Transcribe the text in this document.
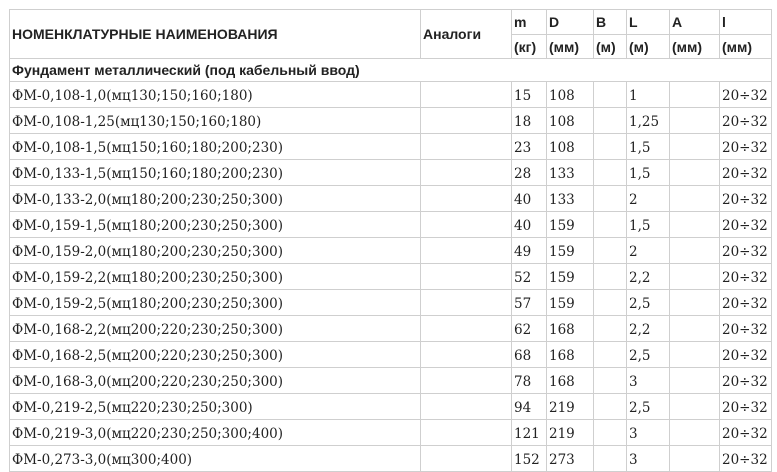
НОМЕНКЛАТУРНЫЕ НАИМЕНОВАНИЯ	Аналоги	m	D	B	L	A	l
		(кг)	(мм)	(м)	(м)	(мм)	(мм)
Фундамент металлический (под кабельный ввод)							
ФМ-0,108-1,0(мц130;150;160;180)		15	108		1		20÷32
ФМ-0,108-1,25(мц130;150;160;180)		18	108		1,25		20÷32
ФМ-0,108-1,5(мц150;160;180;200;230)		23	108		1,5		20÷32
ФМ-0,133-1,5(мц150;160;180;200;230)		28	133		1,5		20÷32
ФМ-0,133-2,0(мц180;200;230;250;300)		40	133		2		20÷32
ФМ-0,159-1,5(мц180;200;230;250;300)		40	159		1,5		20÷32
ФМ-0,159-2,0(мц180;200;230;250;300)		49	159		2		20÷32
ФМ-0,159-2,2(мц180;200;230;250;300)		52	159		2,2		20÷32
ФМ-0,159-2,5(мц180;200;230;250;300)		57	159		2,5		20÷32
ФМ-0,168-2,2(мц200;220;230;250;300)		62	168		2,2		20÷32
ФМ-0,168-2,5(мц200;220;230;250;300)		68	168		2,5		20÷32
ФМ-0,168-3,0(мц200;220;230;250;300)		78	168		3		20÷32
ФМ-0,219-2,5(мц220;230;250;300)		94	219		2,5		20÷32
ФМ-0,219-3,0(мц220;230;250;300;400)		121	219		3		20÷32
ФМ-0,273-3,0(мц300;400)		152	273		3		20÷32
